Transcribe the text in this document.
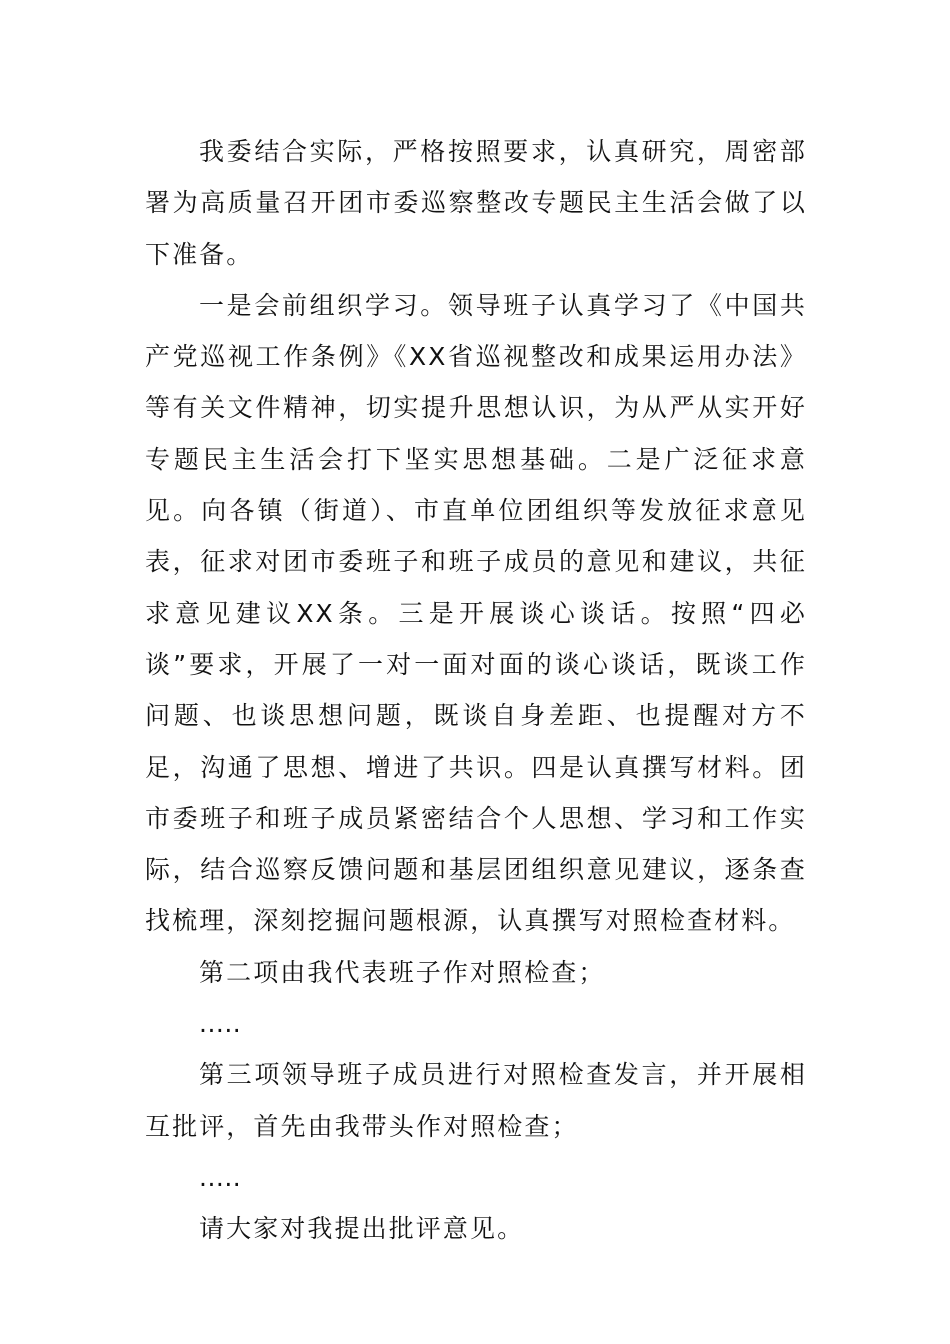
我委结合实际，严格按照要求，认真研究，周密部署为高质量召开团市委巡察整改专题民主生活会做了以下准备。

一是会前组织学习。领导班子认真学习了《中国共产党巡视工作条例》《XX省巡视整改和成果运用办法》等有关文件精神，切实提升思想认识，为从严从实开好专题民主生活会打下坚实思想基础。二是广泛征求意见。向各镇（街道）、市直单位团组织等发放征求意见表，征求对团市委班子和班子成员的意见和建议，共征求意见建议XX条。三是开展谈心谈话。按照“四必谈”要求，开展了一对一面对面的谈心谈话，既谈工作问题、也谈思想问题，既谈自身差距、也提醒对方不足，沟通了思想、增进了共识。四是认真撰写材料。团市委班子和班子成员紧密结合个人思想、学习和工作实际，结合巡察反馈问题和基层团组织意见建议，逐条查找梳理，深刻挖掘问题根源，认真撰写对照检查材料。

第二项由我代表班子作对照检查；

.....

第三项领导班子成员进行对照检查发言，并开展相互批评，首先由我带头作对照检查；

.....

请大家对我提出批评意见。
